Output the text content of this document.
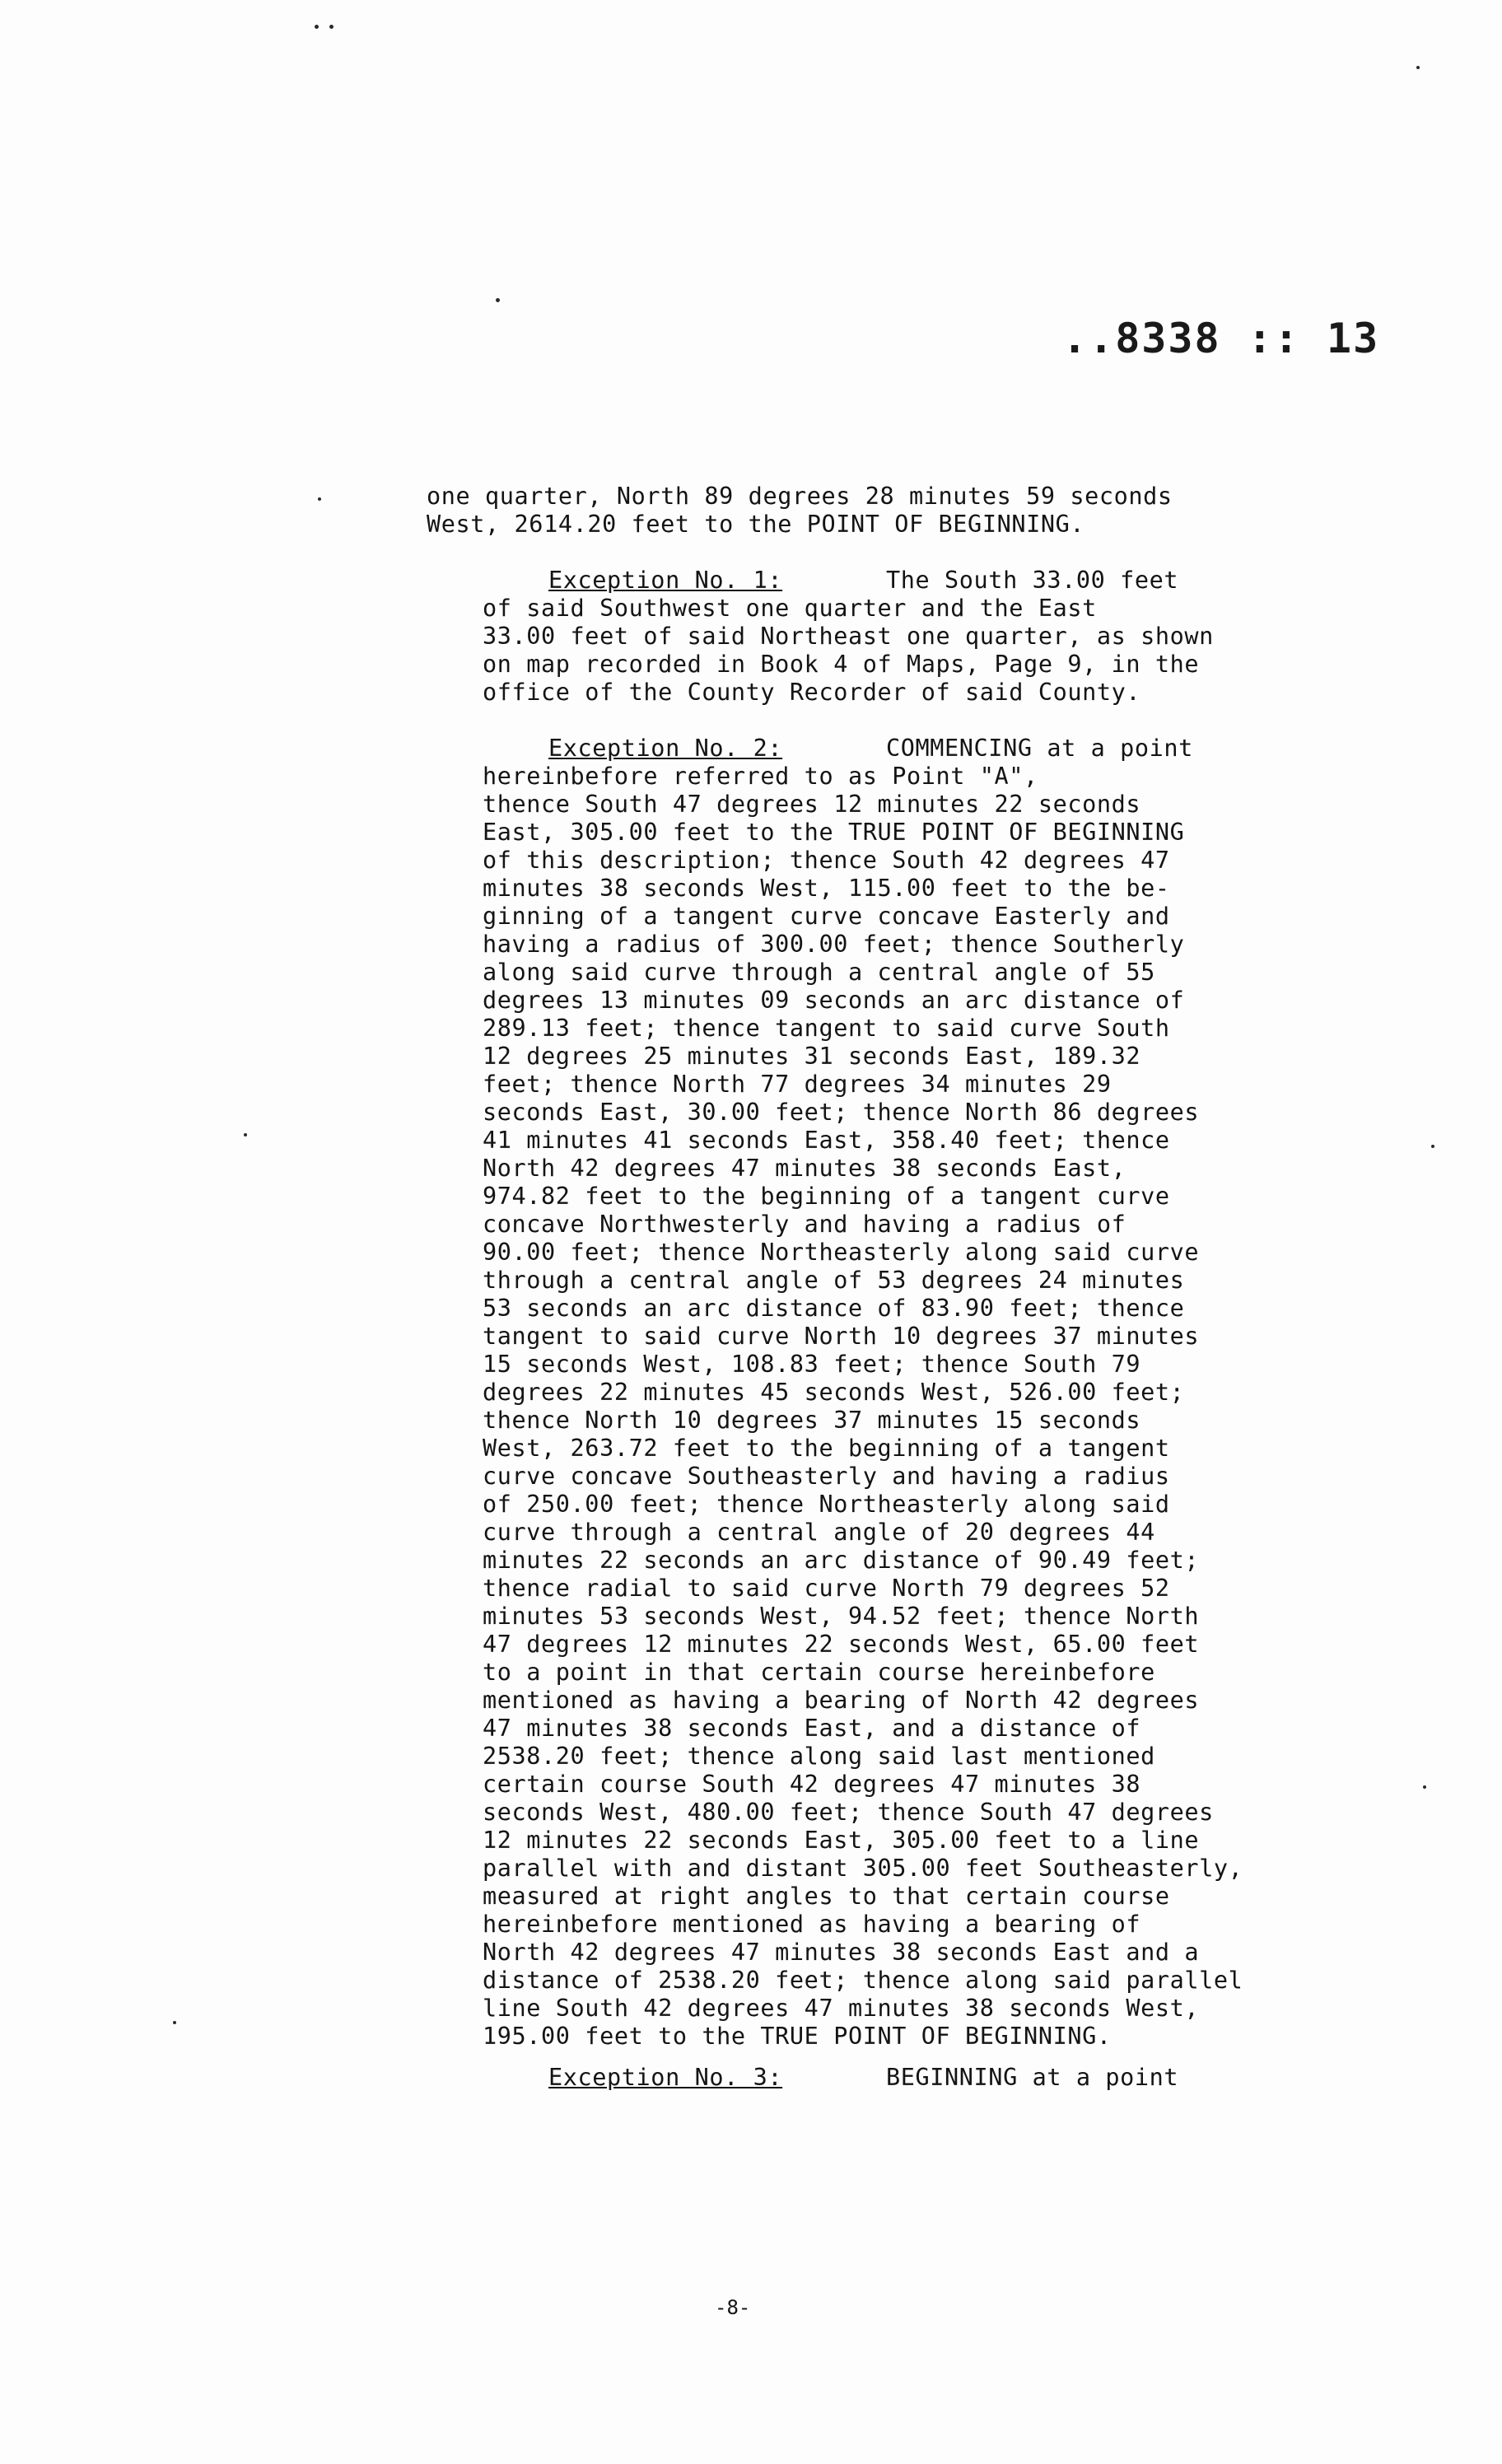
..8338 :: 13
one quarter, North 89 degrees 28 minutes 59 seconds
West, 2614.20 feet to the POINT OF BEGINNING.
Exception No. 1:	The South 33.00 feet
of said Southwest one quarter and the East
33.00 feet of said Northeast one quarter, as shown
on map recorded in Book 4 of Maps, Page 9, in the
office of the County Recorder of said County.
Exception No. 2:	COMMENCING at a point
hereinbefore referred to as Point "A",
thence South 47 degrees 12 minutes 22 seconds
East, 305.00 feet to the TRUE POINT OF BEGINNING
of this description; thence South 42 degrees 47
minutes 38 seconds West, 115.00 feet to the be-
ginning of a tangent curve concave Easterly and
having a radius of 300.00 feet; thence Southerly
along said curve through a central angle of 55
degrees 13 minutes 09 seconds an arc distance of
289.13 feet; thence tangent to said curve South
12 degrees 25 minutes 31 seconds East, 189.32
feet; thence North 77 degrees 34 minutes 29
seconds East, 30.00 feet; thence North 86 degrees
41 minutes 41 seconds East, 358.40 feet; thence
North 42 degrees 47 minutes 38 seconds East,
974.82 feet to the beginning of a tangent curve
concave Northwesterly and having a radius of
90.00 feet; thence Northeasterly along said curve
through a central angle of 53 degrees 24 minutes
53 seconds an arc distance of 83.90 feet; thence
tangent to said curve North 10 degrees 37 minutes
15 seconds West, 108.83 feet; thence South 79
degrees 22 minutes 45 seconds West, 526.00 feet;
thence North 10 degrees 37 minutes 15 seconds
West, 263.72 feet to the beginning of a tangent
curve concave Southeasterly and having a radius
of 250.00 feet; thence Northeasterly along said
curve through a central angle of 20 degrees 44
minutes 22 seconds an arc distance of 90.49 feet;
thence radial to said curve North 79 degrees 52
minutes 53 seconds West, 94.52 feet; thence North
47 degrees 12 minutes 22 seconds West, 65.00 feet
to a point in that certain course hereinbefore
mentioned as having a bearing of North 42 degrees
47 minutes 38 seconds East, and a distance of
2538.20 feet; thence along said last mentioned
certain course South 42 degrees 47 minutes 38
seconds West, 480.00 feet; thence South 47 degrees
12 minutes 22 seconds East, 305.00 feet to a line
parallel with and distant 305.00 feet Southeasterly,
measured at right angles to that certain course
hereinbefore mentioned as having a bearing of
North 42 degrees 47 minutes 38 seconds East and a
distance of 2538.20 feet; thence along said parallel
line South 42 degrees 47 minutes 38 seconds West,
195.00 feet to the TRUE POINT OF BEGINNING.
Exception No. 3:	BEGINNING at a point
-8-
